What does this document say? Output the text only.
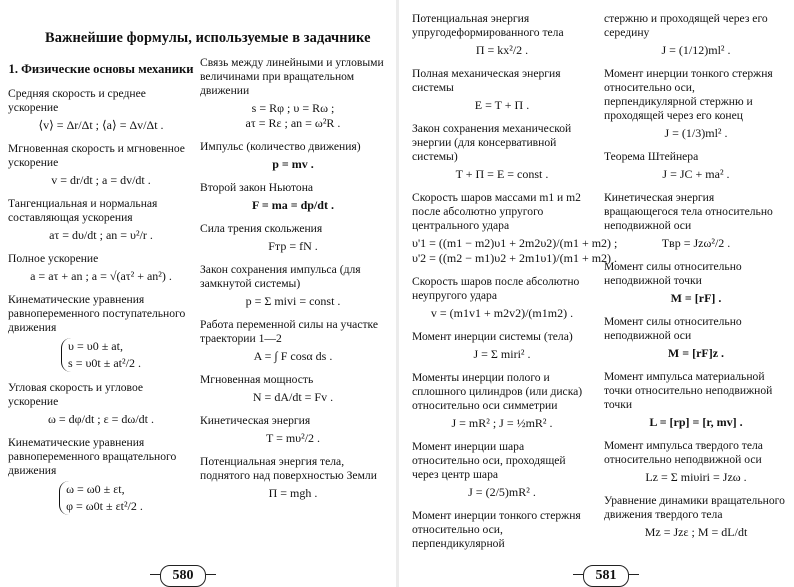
Важнейшие формулы, используемые в задачнике
1. Физические основы механики
Средняя скорость и среднее ускорение
⟨v⟩ = Δr/Δt ; ⟨a⟩ = Δv/Δt .
Мгновенная скорость и мгновенное ускорение
v = dr/dt ; a = dv/dt .
Тангенциальная и нормальная составляющая ускорения
aτ = dυ/dt ; an = υ²/r .
Полное ускорение
a = aτ + an ; a = √(aτ² + an²) .
Кинематические уравнения равнопеременного поступательного движения
υ = υ0 ± at,
s = υ0t ± at²/2 .
Угловая скорость и угловое ускорение
ω = dφ/dt ; ε = dω/dt .
Кинематические уравнения равнопеременного вращательного движения
ω = ω0 ± εt,
φ = ω0t ± εt²/2 .
Связь между линейными и угловыми величинами при вращательном движении
s = Rφ ; υ = Rω ;
aτ = Rε ; an = ω²R .
Импульс (количество движения)
p = mv .
Второй закон Ньютона
F = ma = dp/dt .
Сила трения скольжения
Fтр = fN .
Закон сохранения импульса (для замкнутой системы)
p = Σ mivi = const .
Работа переменной силы на участке траектории 1—2
A = ∫ F cosα ds .
Мгновенная мощность
N = dA/dt = Fv .
Кинетическая энергия
T = mυ²/2 .
Потенциальная энергия тела, поднятого над поверхностью Земли
Π = mgh .
580
Потенциальная энергия упругодеформированного тела
Π = kx²/2 .
Полная механическая энергия системы
E = T + Π .
Закон сохранения механической энергии (для консервативной системы)
T + Π = E = const .
Скорость шаров массами m1 и m2 после абсолютно упругого центрального удара
υ'1 = ((m1 − m2)υ1 + 2m2υ2)/(m1 + m2) ;
υ'2 = ((m2 − m1)υ2 + 2m1υ1)/(m1 + m2) .
Скорость шаров после абсолютно неупругого удара
v = (m1v1 + m2v2)/(m1m2) .
Момент инерции системы (тела)
J = Σ miri² .
Моменты инерции полого и сплошного цилиндров (или диска) относительно оси симметрии
J = mR² ; J = ½mR² .
Момент инерции шара относительно оси, проходящей через центр шара
J = (2/5)mR² .
Момент инерции тонкого стержня относительно оси, перпендикулярной
стержню и проходящей через его середину
J = (1/12)ml² .
Момент инерции тонкого стержня относительно оси, перпендикулярной стержню и проходящей через его конец
J = (1/3)ml² .
Теорема Штейнера
J = JC + ma² .
Кинетическая энергия вращающегося тела относительно неподвижной оси
Tвр = Jzω²/2 .
Момент силы относительно неподвижной точки
M = [rF] .
Момент силы относительно неподвижной оси
M = [rF]z .
Момент импульса материальной точки относительно неподвижной точки
L = [rp] = [r, mv] .
Момент импульса твердого тела относительно неподвижной оси
Lz = Σ miυiri = Jzω .
Уравнение динамики вращательного движения твердого тела
Mz = Jzε ; M = dL/dt
581
